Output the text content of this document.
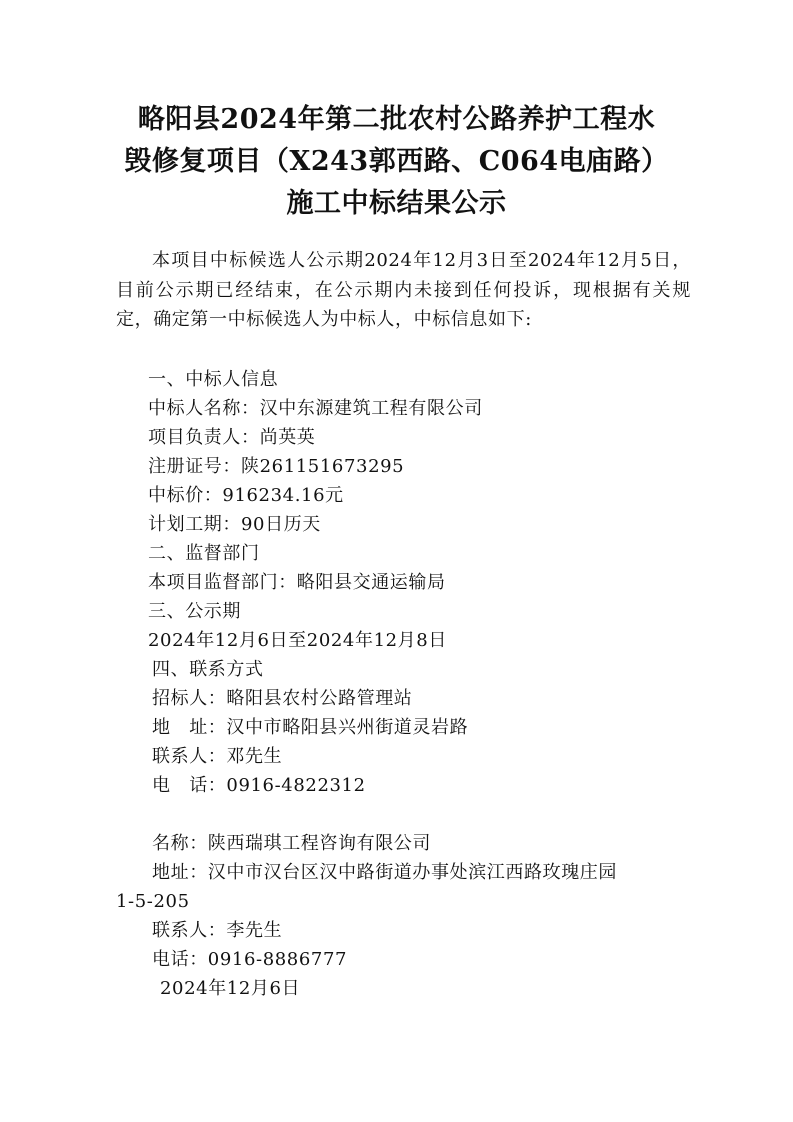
略阳县2024年第二批农村公路养护工程水
毁修复项目（X243郭西路、C064电庙路）
施工中标结果公示
本项目中标候选人公示期2024年12月3日至2024年12月5日，目前公示期已经结束，在公示期内未接到任何投诉，现根据有关规定，确定第一中标候选人为中标人，中标信息如下:
一、中标人信息
中标人名称：汉中东源建筑工程有限公司
项目负责人：尚英英
注册证号：陕261151673295
中标价：916234.16元
计划工期：90日历天
二、监督部门
本项目监督部门：略阳县交通运输局
三、公示期
2024年12月6日至2024年12月8日
四、联系方式
招标人：略阳县农村公路管理站
地　址：汉中市略阳县兴州街道灵岩路
联系人：邓先生
电　话：0916-4822312
名称：陕西瑞琪工程咨询有限公司
地址：汉中市汉台区汉中路街道办事处滨江西路玫瑰庄园
1-5-205
联系人：李先生
电话：0916-8886777
2024年12月6日
